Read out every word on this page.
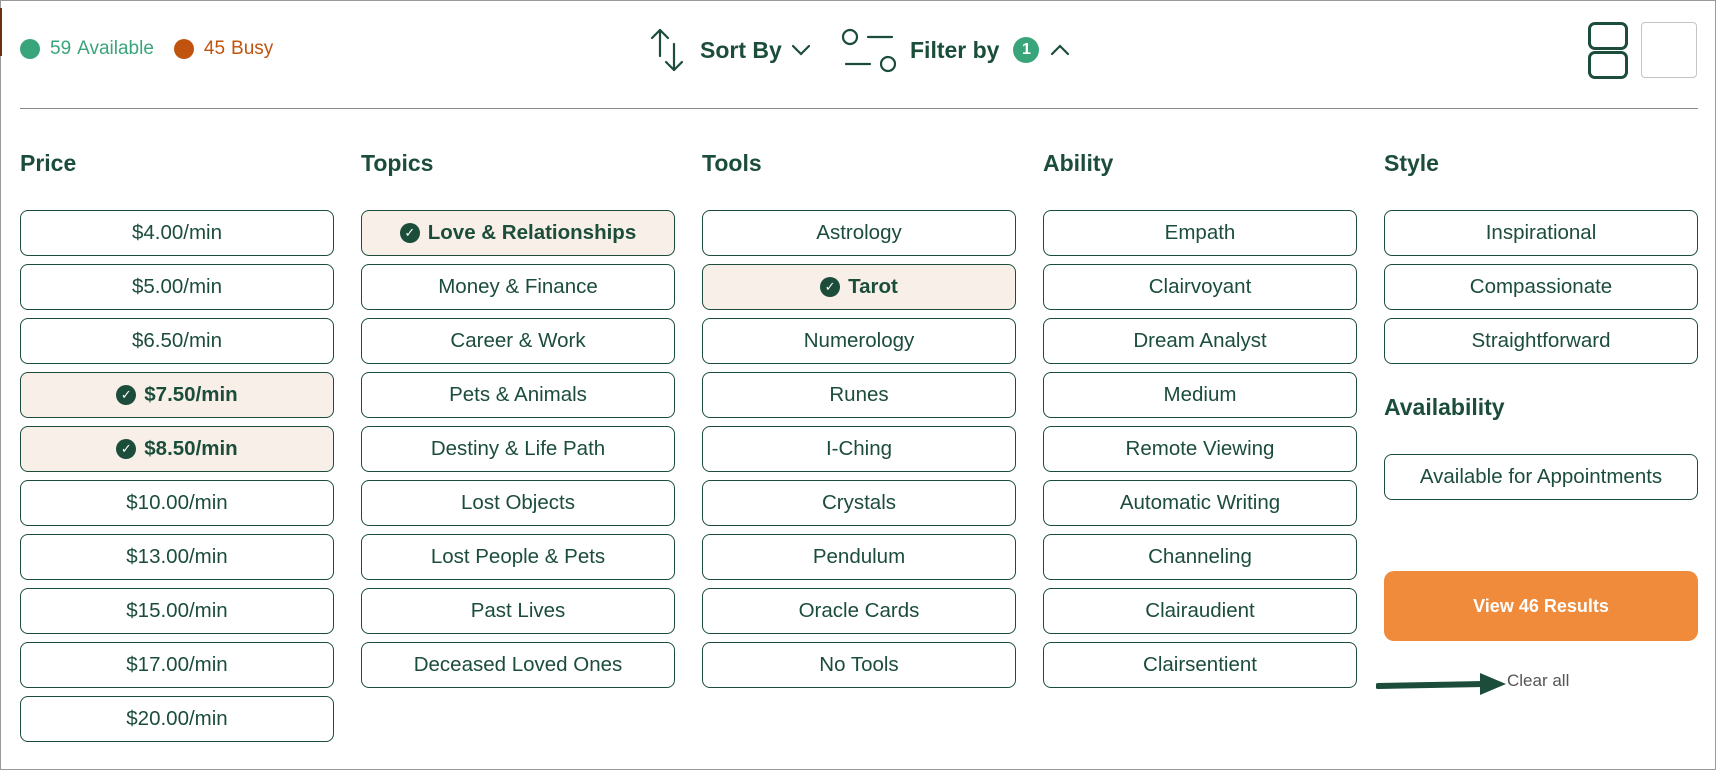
59 Available	45 Busy	Sort By	Filter by	1
Price
$4.00/min
$5.00/min
$6.50/min
✓ $7.50/min
✓ $8.50/min
$10.00/min
$13.00/min
$15.00/min
$17.00/min
$20.00/min
Topics
✓ Love & Relationships
Money & Finance
Career & Work
Pets & Animals
Destiny & Life Path
Lost Objects
Lost People & Pets
Past Lives
Deceased Loved Ones
Tools
Astrology
✓ Tarot
Numerology
Runes
I-Ching
Crystals
Pendulum
Oracle Cards
No Tools
Ability
Empath
Clairvoyant
Dream Analyst
Medium
Remote Viewing
Automatic Writing
Channeling
Clairaudient
Clairsentient
Style
Inspirational
Compassionate
Straightforward
Availability
Available for Appointments
View 46 Results
Clear all
